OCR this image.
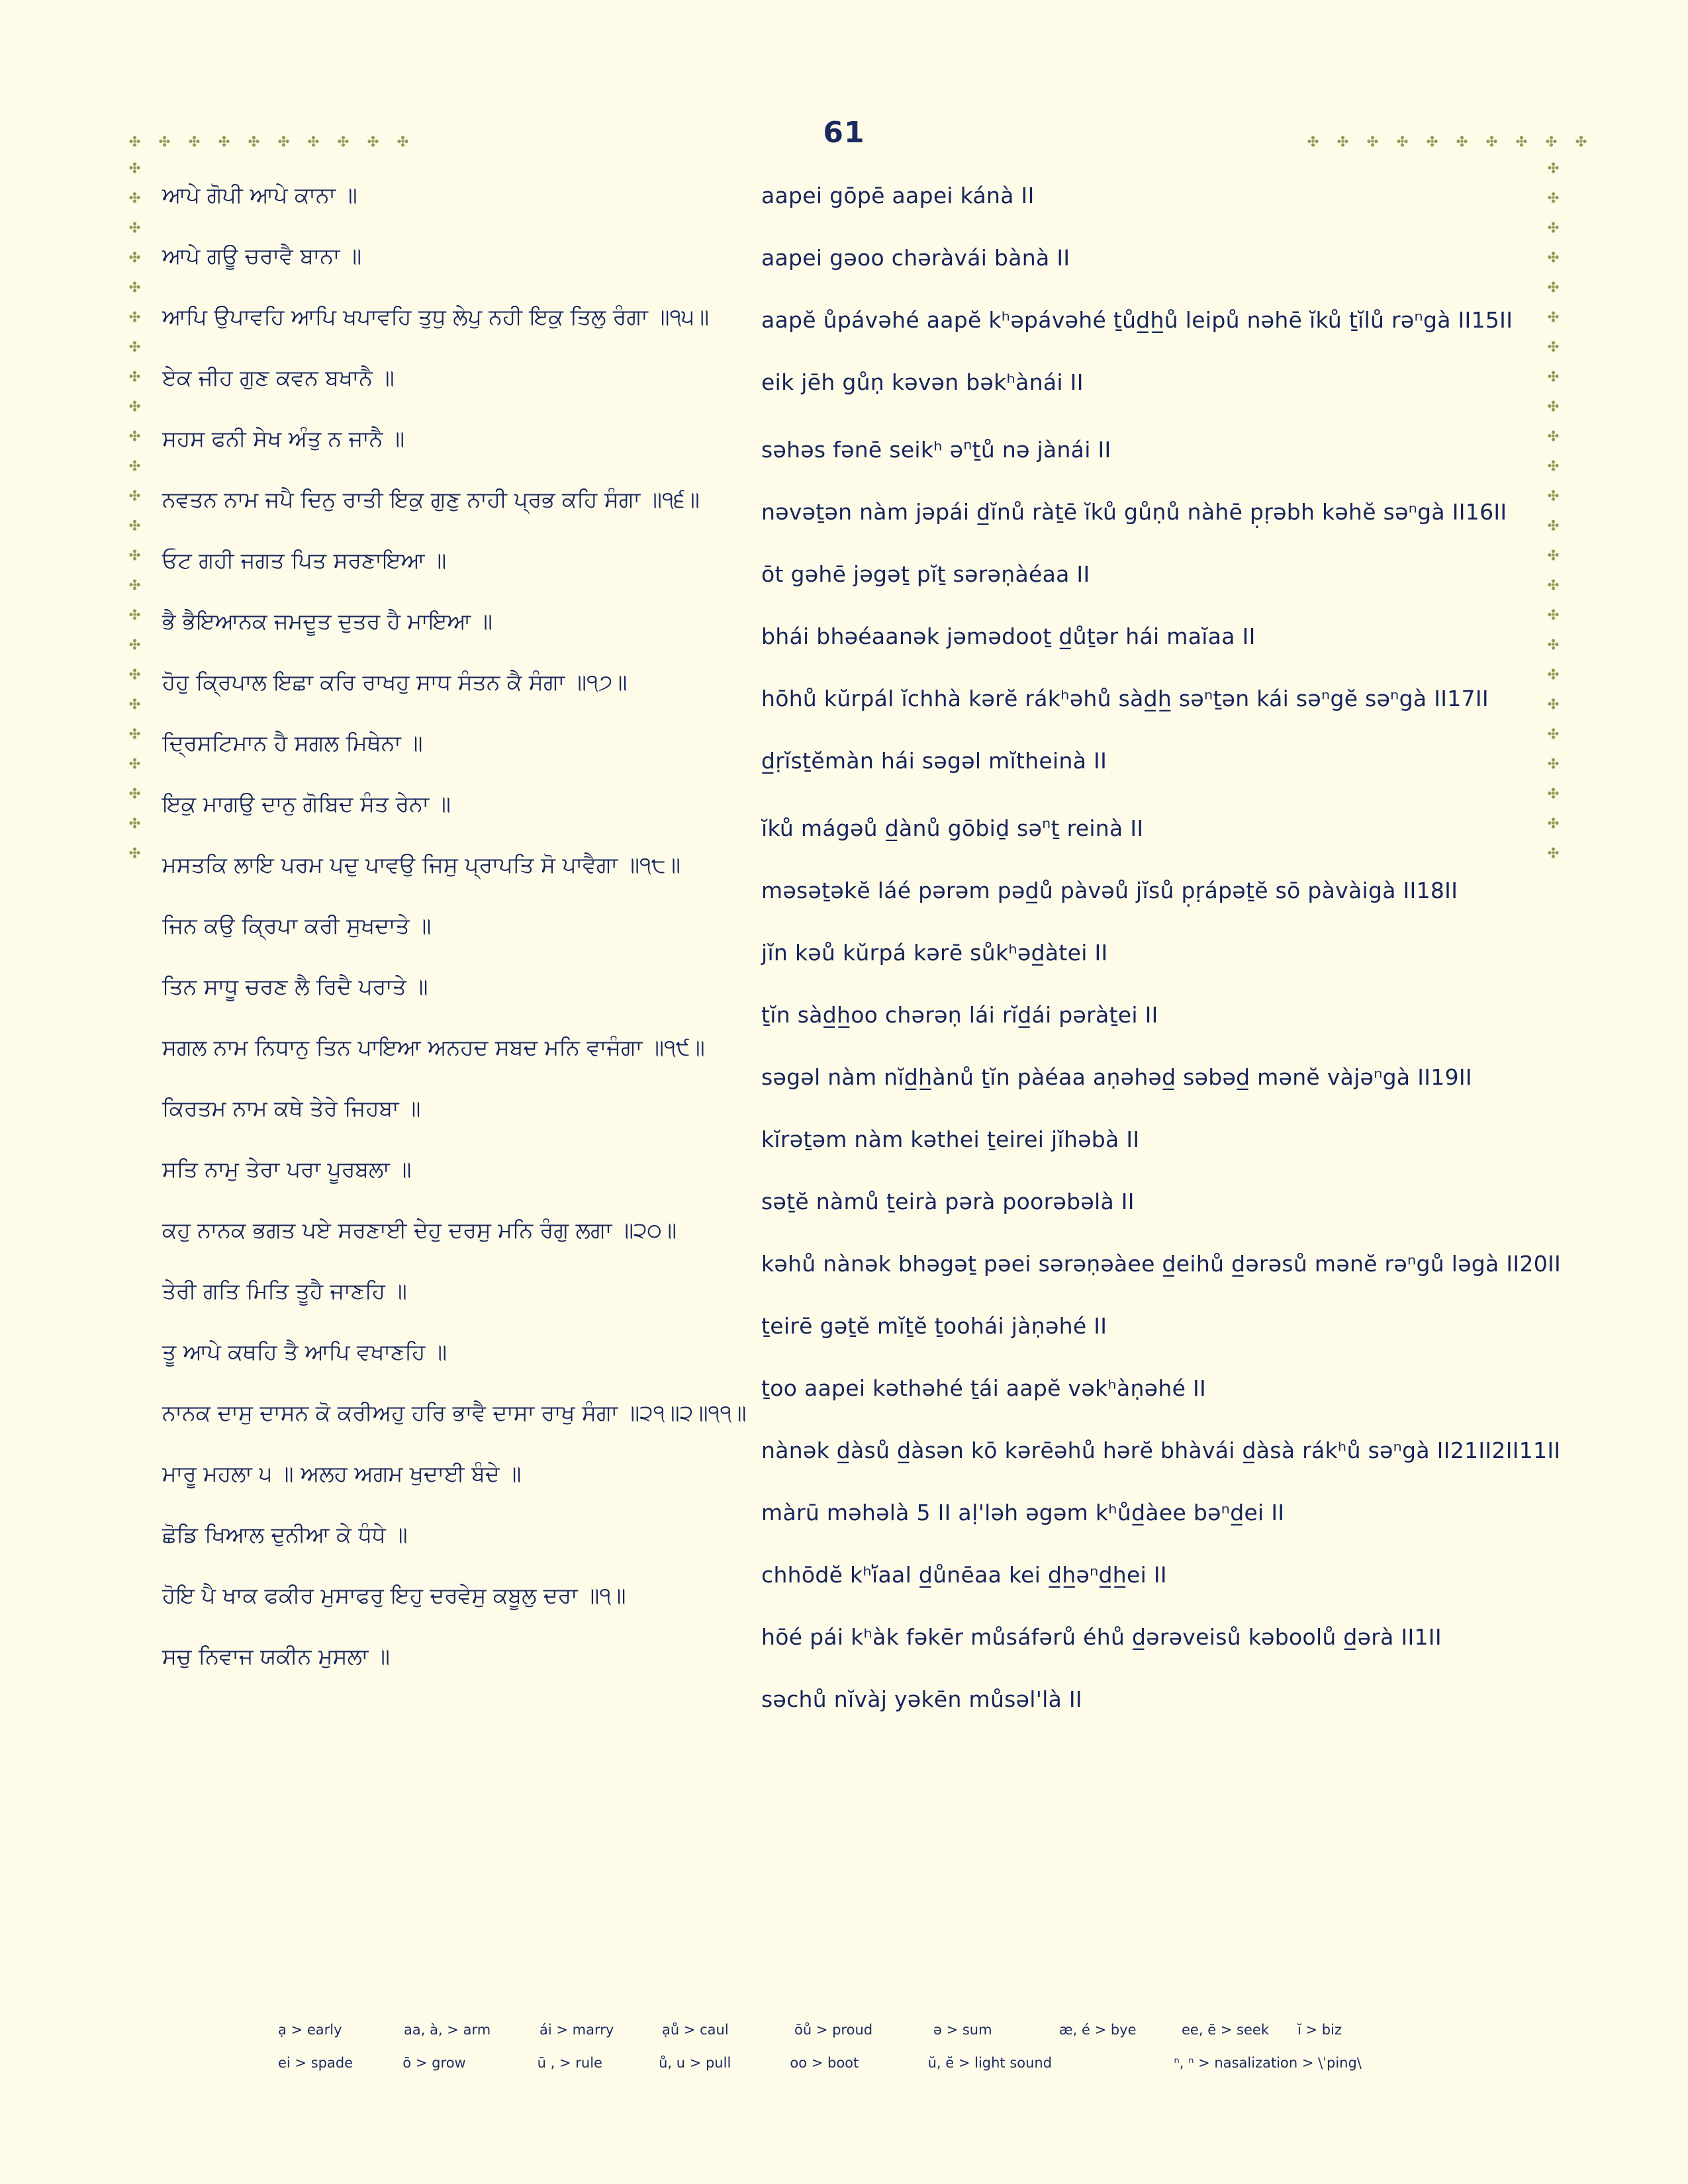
61
ਆਪੇ ਗੋਪੀ ਆਪੇ ਕਾਨਾ ॥
ਆਪੇ ਗਊ ਚਰਾਵੈ ਬਾਨਾ ॥
ਆਪਿ ਉਪਾਵਹਿ ਆਪਿ ਖਪਾਵਹਿ ਤੁਧੁ ਲੇਪੁ ਨਹੀ ਇਕੁ ਤਿਲੁ ਰੰਗਾ ॥੧੫॥
ਏਕ ਜੀਹ ਗੁਣ ਕਵਨ ਬਖਾਨੈ ॥
ਸਹਸ ਫਨੀ ਸੇਖ ਅੰਤੁ ਨ ਜਾਨੈ ॥
ਨਵਤਨ ਨਾਮ ਜਪੈ ਦਿਨੁ ਰਾਤੀ ਇਕੁ ਗੁਣੁ ਨਾਹੀ ਪ੍ਰਭ ਕਹਿ ਸੰਗਾ ॥੧੬॥
ਓਟ ਗਹੀ ਜਗਤ ਪਿਤ ਸਰਣਾਇਆ ॥
ਭੈ ਭੈਇਆਨਕ ਜਮਦੂਤ ਦੁਤਰ ਹੈ ਮਾਇਆ ॥
ਹੋਹੁ ਕ੍ਰਿਪਾਲ ਇਛਾ ਕਰਿ ਰਾਖਹੁ ਸਾਧ ਸੰਤਨ ਕੈ ਸੰਗਾ ॥੧੭॥
ਦ੍ਰਿਸਟਿਮਾਨ ਹੈ ਸਗਲ ਮਿਥੇਨਾ ॥
ਇਕੁ ਮਾਗਉ ਦਾਨੁ ਗੋਬਿਦ ਸੰਤ ਰੇਨਾ ॥
ਮਸਤਕਿ ਲਾਇ ਪਰਮ ਪਦੁ ਪਾਵਉ ਜਿਸੁ ਪ੍ਰਾਪਤਿ ਸੋ ਪਾਵੈਗਾ ॥੧੮॥
ਜਿਨ ਕਉ ਕ੍ਰਿਪਾ ਕਰੀ ਸੁਖਦਾਤੇ ॥
ਤਿਨ ਸਾਧੂ ਚਰਣ ਲੈ ਰਿਦੈ ਪਰਾਤੇ ॥
ਸਗਲ ਨਾਮ ਨਿਧਾਨੁ ਤਿਨ ਪਾਇਆ ਅਨਹਦ ਸਬਦ ਮਨਿ ਵਾਜੰਗਾ ॥੧੯॥
ਕਿਰਤਮ ਨਾਮ ਕਥੇ ਤੇਰੇ ਜਿਹਬਾ ॥
ਸਤਿ ਨਾਮੁ ਤੇਰਾ ਪਰਾ ਪੂਰਬਲਾ ॥
ਕਹੁ ਨਾਨਕ ਭਗਤ ਪਏ ਸਰਣਾਈ ਦੇਹੁ ਦਰਸੁ ਮਨਿ ਰੰਗੁ ਲਗਾ ॥੨੦॥
ਤੇਰੀ ਗਤਿ ਮਿਤਿ ਤੂਹੈ ਜਾਣਹਿ ॥
ਤੂ ਆਪੇ ਕਥਹਿ ਤੈ ਆਪਿ ਵਖਾਣਹਿ ॥
ਨਾਨਕ ਦਾਸੁ ਦਾਸਨ ਕੋ ਕਰੀਅਹੁ ਹਰਿ ਭਾਵੈ ਦਾਸਾ ਰਾਖੁ ਸੰਗਾ ॥੨੧॥੨॥੧੧॥
ਮਾਰੂ ਮਹਲਾ ੫ ॥ ਅਲਹ ਅਗਮ ਖੁਦਾਈ ਬੰਦੇ ॥
ਛੋਡਿ ਖਿਆਲ ਦੁਨੀਆ ਕੇ ਧੰਧੇ ॥
ਹੋਇ ਪੈ ਖਾਕ ਫਕੀਰ ਮੁਸਾਫਰੁ ਇਹੁ ਦਰਵੇਸੁ ਕਬੂਲੁ ਦਰਾ ॥੧॥
ਸਚੁ ਨਿਵਾਜ ਯਕੀਨ ਮੁਸਲਾ ॥
aapei gōpē aapei kánà II
aapei gəoo chəràvái bànà II
aapĕ ůpávəhé aapĕ kʰəpávəhé ṯůd̲h̲ů leipů nəhē ĭků ṯĭlů rəⁿgà II15II
eik jēh gůṇ kəvən bəkʰànái II
səhəs fənē seikʰ ə$^n$ṯů nə jànái II
nəvəṯən nàm jəpái d̲ĭnů ràṯē ĭků gůṇů nàhē p̣ṛəbh kəhĕ səⁿgà II16II
ōt gəhē jəgəṯ pĭṯ sərəṇàéaa II
bhái bhəéaanək jəmədooṯ d̲ůṯər hái maĭaa II
hōhů kŭrpál ĭchhà kərĕ rákʰəhů sàd̲h̲ səⁿṯən kái səⁿgĕ səⁿgà II17II
d̲ṛĭsṯĕmàn hái səgəl mĭtheinà II
ĭků mágəů d̲ànů gōbiḏ sə$^n$ṯ reinà II
məsəṯəkĕ láé pərəm pəd̲ů pàvəů jĭsů p̣ṛápəṯĕ sō pàvàigà II18II
jĭn kəů kŭrpá kərē sůkʰəd̲àtei II
ṯĭn sàd̲h̲oo chərəṇ lái rĭd̲ái pəràṯei II
səgəl nàm nĭd̲h̲ànů ṯĭn pàéaa aṇəhəd̲ səbəd̲ mənĕ vàjəⁿgà II19II
kĭrəṯəm nàm kəthei ṯeirei jĭhəbà II
səṯĕ nàmů ṯeirà pərà poorəbəlà II
kəhů nànək bhəgəṯ pəei sərəṇəàee d̲eihů d̲ərəsů mənĕ rəⁿgů ləgà II20II
ṯeirē gəṯĕ mĭṯĕ ṯoohái jàṇəhé II
ṯoo aapei kəthəhé ṯái aapĕ vəkʰàṇəhé II
nànək d̲àsů d̲àsən kō kərēəhů hərĕ bhàvái d̲àsà rákʰů səⁿgà II21II2II11II
màrū məhəlà 5 II aḷ'ləh əgəm kʰůd̲àee bəⁿd̲ei II
chhōdĕ kʰĭ̍aal d̲ůnēaa kei d̲h̲əⁿd̲h̲ei II
hōé pái kʰàk fəkēr můsáfərů éhů d̲ərəveisů kəboolů d̲ərà II1II
səchů nĭvàj yəkēn můsəl'là II
ạ > early	aa, à, > arm	ái > marry	ạů > caul	ōů > proud	ə > sum	æ, é > bye	ee, ē > seek	ĭ > biz
ei > spade	ō > grow	ū , > rule	ů, u > pull	oo > boot	ŭ, ĕ > light sound	ⁿ, ⁿ > nasalization > \ˈping\
